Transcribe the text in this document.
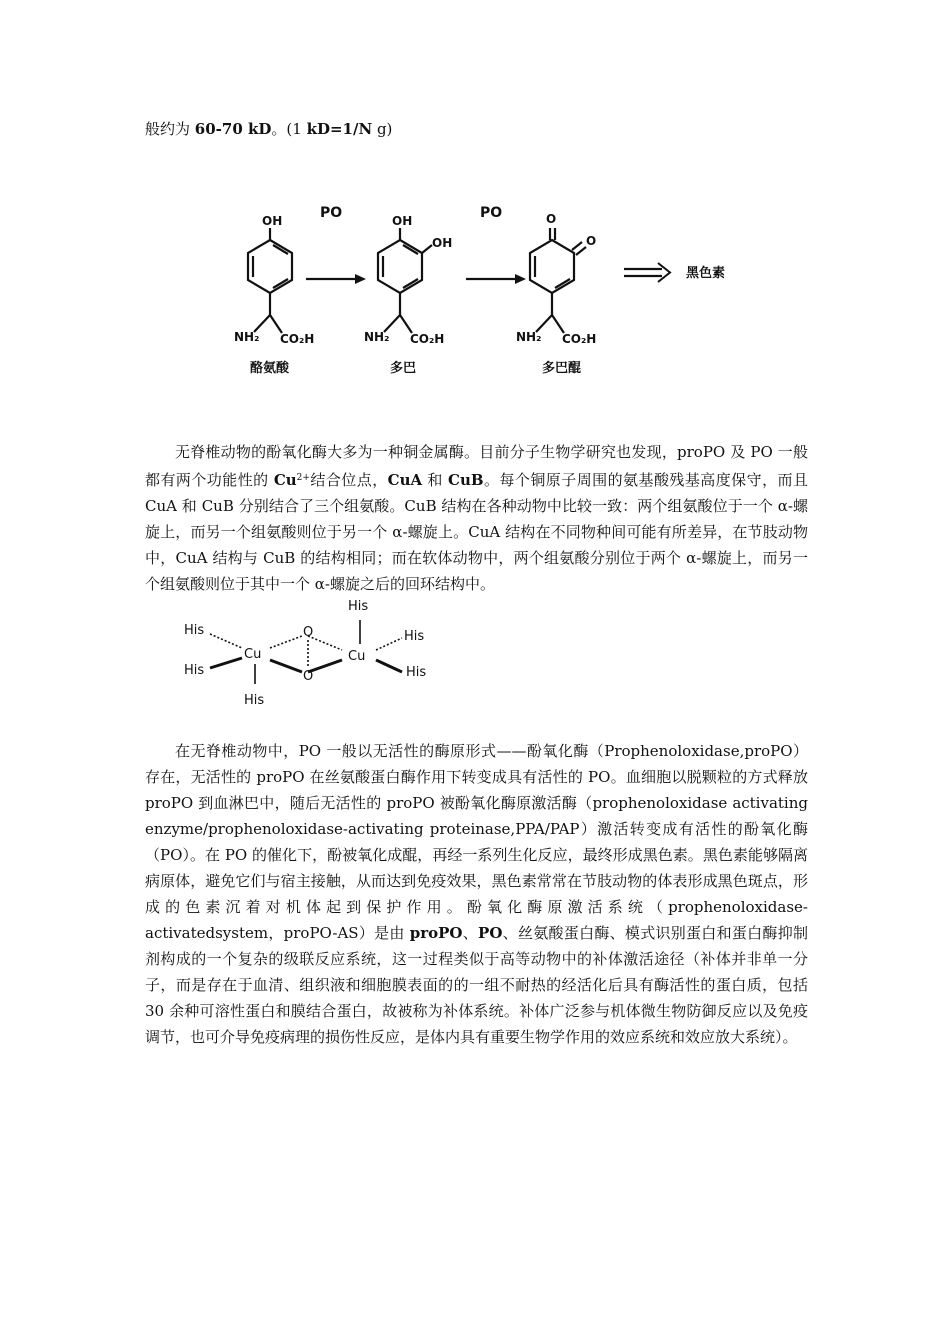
般约为 60-70 kD。(1 kD=1/N g)
PO	PO
OH
NH₂ CO₂H
酪氨酸
OH
OH
NH₂ CO₂H
多巴
O
O
NH₂ CO₂H
多巴醌
黑色素

无脊椎动物的酚氧化酶大多为一种铜金属酶。目前分子生物学研究也发现，proPO 及 PO 一般都有两个功能性的 $Cu^{2+}$结合位点，CuA 和 CuB。每个铜原子周围的氨基酸残基高度保守，而且 CuA 和 CuB 分别结合了三个组氨酸。CuB 结构在各种动物中比较一致：两个组氨酸位于一个 α-螺旋上，而另一个组氨酸则位于另一个 α-螺旋上。CuA 结构在不同物种间可能有所差异，在节肢动物中，CuA 结构与 CuB 的结构相同；而在软体动物中，两个组氨酸分别位于两个 α-螺旋上，而另一个组氨酸则位于其中一个 α-螺旋之后的回环结构中。

His
His
His
Cu
O
O
His
Cu
His
His

在无脊椎动物中，PO 一般以无活性的酶原形式——酚氧化酶（Prophenoloxidase,proPO）存在，无活性的 proPO 在丝氨酸蛋白酶作用下转变成具有活性的 PO。血细胞以脱颗粒的方式释放 proPO 到血淋巴中，随后无活性的 proPO 被酚氧化酶原激活酶（prophenoloxidase activating enzyme/prophenoloxidase-activating proteinase,PPA/PAP）激活转变成有活性的酚氧化酶（PO）。在 PO 的催化下，酚被氧化成醌，再经一系列生化反应，最终形成黑色素。黑色素能够隔离病原体，避免它们与宿主接触，从而达到免疫效果，黑色素常常在节肢动物的体表形成黑色斑点，形成的色素沉着对机体起到保护作用。酚氧化酶原激活系统（prophenoloxidase-activatedsystem，proPO-AS）是由 proPO、PO、丝氨酸蛋白酶、模式识别蛋白和蛋白酶抑制剂构成的一个复杂的级联反应系统，这一过程类似于高等动物中的补体激活途径（补体并非单一分子，而是存在于血清、组织液和细胞膜表面的的一组不耐热的经活化后具有酶活性的蛋白质，包括 30 余种可溶性蛋白和膜结合蛋白，故被称为补体系统。补体广泛参与机体微生物防御反应以及免疫调节，也可介导免疫病理的损伤性反应，是体内具有重要生物学作用的效应系统和效应放大系统）。
